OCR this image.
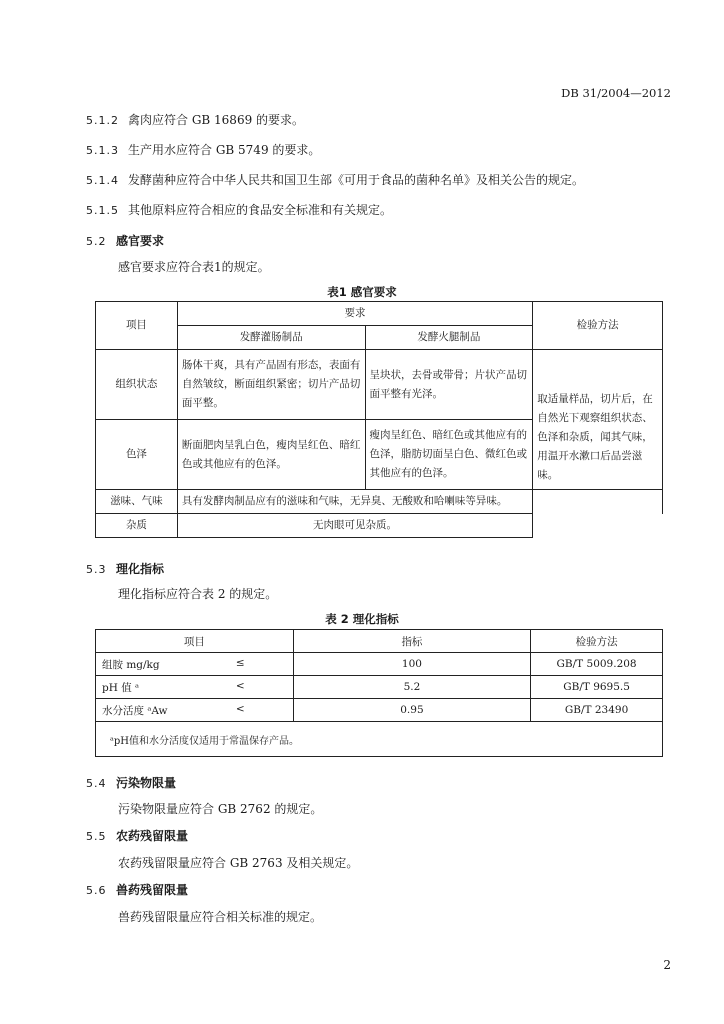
DB 31/2004—2012
5.1.2 禽肉应符合 GB 16869 的要求。
5.1.3 生产用水应符合 GB 5749 的要求。
5.1.4 发酵菌种应符合中华人民共和国卫生部《可用于食品的菌种名单》及相关公告的规定。
5.1.5 其他原料应符合相应的食品安全标准和有关规定。
5.2 感官要求
感官要求应符合表1的规定。
表1 感官要求
项目	要求		检验方法
	发酵灌肠制品	发酵火腿制品	
组织状态	肠体干爽，具有产品固有形态，表面有自然皱纹，断面组织紧密；切片产品切面平整。	呈块状，去骨或带骨；片状产品切面平整有光泽。	取适量样品，切片后，在自然光下观察组织状态、色泽和杂质，闻其气味，用温开水漱口后品尝滋味。
色泽	断面肥肉呈乳白色，瘦肉呈红色、暗红色或其他应有的色泽。	瘦肉呈红色、暗红色或其他应有的色泽，脂肪切面呈白色、微红色或其他应有的色泽。	
滋味、气味	具有发酵肉制品应有的滋味和气味，无异臭、无酸败和哈喇味等异味。		
杂质	无肉眼可见杂质。		
5.3 理化指标
理化指标应符合表 2 的规定。
表 2 理化指标
项目	指标	检验方法

组胺 mg/kg ≤	100	GB/T 5009.208

pH 值 ᵃ <	5.2	GB/T 9695.5

水分活度 ᵃAw <	0.95	GB/T 23490
ᵃpH值和水分活度仅适用于常温保存产品。		
5.4 污染物限量
污染物限量应符合 GB 2762 的规定。
5.5 农药残留限量
农药残留限量应符合 GB 2763 及相关规定。
5.6 兽药残留限量
兽药残留限量应符合相关标准的规定。
2
